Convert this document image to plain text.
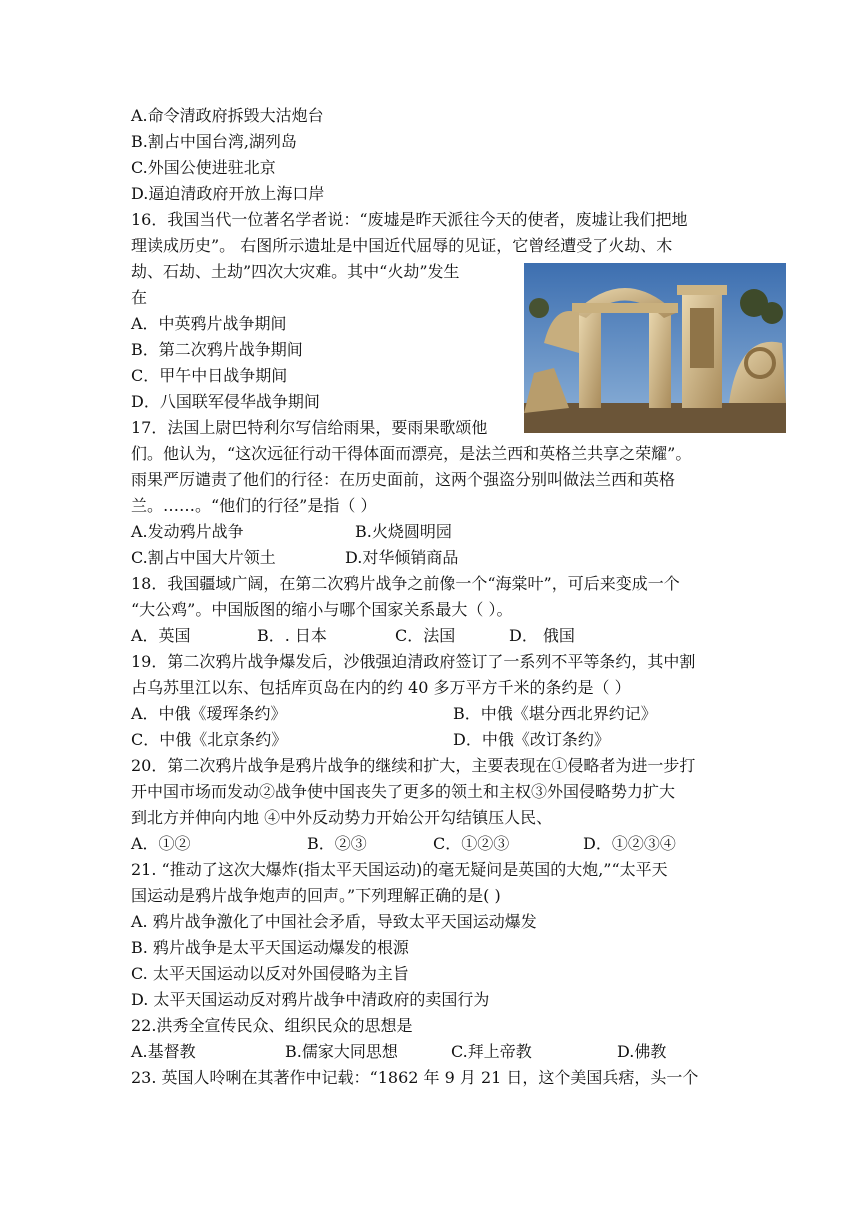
A.命令清政府拆毁大沽炮台
B.割占中国台湾,湖列岛
C.外国公使进驻北京
D.逼迫清政府开放上海口岸
16．我国当代一位著名学者说：“废墟是昨天派往今天的使者，废墟让我们把地
理读成历史”。 右图所示遗址是中国近代屈辱的见证，它曾经遭受了火劫、木
劫、石劫、土劫”四次大灾难。其中“火劫”发生
在
A．中英鸦片战争期间
B．第二次鸦片战争期间
C．甲午中日战争期间
D．八国联军侵华战争期间
17．法国上尉巴特利尔写信给雨果，要雨果歌颂他
们。他认为，“这次远征行动干得体面而漂亮，是法兰西和英格兰共享之荣耀”。
雨果严厉谴责了他们的行径：在历史面前，这两个强盗分别叫做法兰西和英格
兰。……。“他们的行径”是指（ ）
A.发动鸦片战争	B.火烧圆明园
C.割占中国大片领土	D.对华倾销商品
18．我国疆域广阔，在第二次鸦片战争之前像一个“海棠叶”，可后来变成一个
“大公鸡”。中国版图的缩小与哪个国家关系最大（ ）。
A．英国	B．. 日本	C．法国	D． 俄国
19．第二次鸦片战争爆发后，沙俄强迫清政府签订了一系列不平等条约，其中割
占乌苏里江以东、包括库页岛在内的约 40 多万平方千米的条约是（ ）
A．中俄《瑷珲条约》	B．中俄《堪分西北界约记》
C．中俄《北京条约》	D．中俄《改订条约》
20．第二次鸦片战争是鸦片战争的继续和扩大，主要表现在①侵略者为进一步打
开中国市场而发动②战争使中国丧失了更多的领土和主权③外国侵略势力扩大
到北方并伸向内地 ④中外反动势力开始公开勾结镇压人民、
A．①②	B．②③	C．①②③	D．①②③④
21. “推动了这次大爆炸(指太平天国运动)的毫无疑问是英国的大炮,”“太平天
国运动是鸦片战争炮声的回声。”下列理解正确的是( )
A. 鸦片战争激化了中国社会矛盾，导致太平天国运动爆发
B. 鸦片战争是太平天国运动爆发的根源
C. 太平天国运动以反对外国侵略为主旨
D. 太平天国运动反对鸦片战争中清政府的卖国行为
22.洪秀全宣传民众、组织民众的思想是
A.基督教	B.儒家大同思想	C.拜上帝教	D.佛教
23. 英国人呤唎在其著作中记载：“1862 年 9 月 21 日，这个美国兵痞，头一个
